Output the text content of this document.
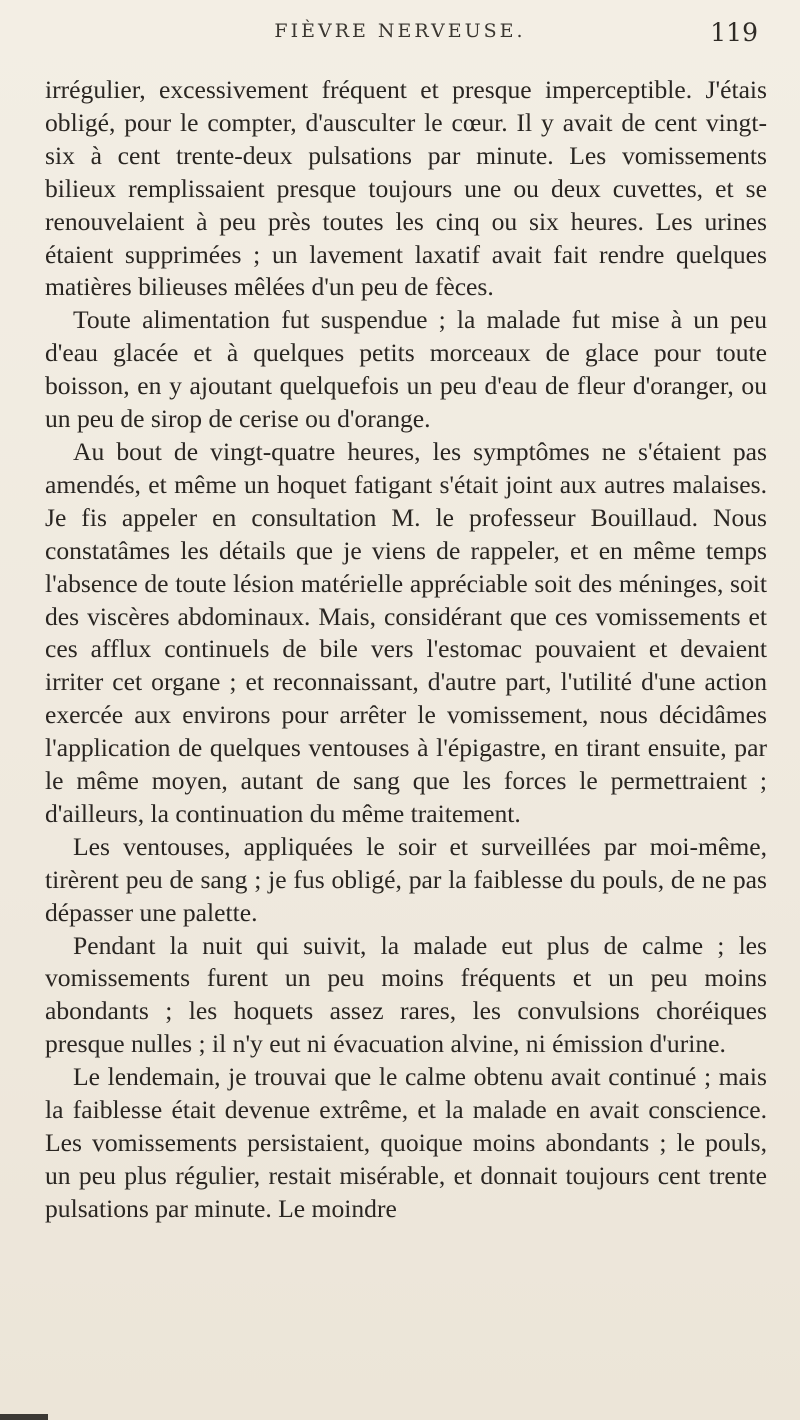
FIÈVRE NERVEUSE.	119

irrégulier, excessivement fréquent et presque imperceptible. J'étais obligé, pour le compter, d'ausculter le cœur. Il y avait de cent vingt-six à cent trente-deux pulsations par minute. Les vomissements bilieux remplissaient presque toujours une ou deux cuvettes, et se renouvelaient à peu près toutes les cinq ou six heures. Les urines étaient supprimées ; un lavement laxatif avait fait rendre quelques matières bilieuses mêlées d'un peu de fèces.

Toute alimentation fut suspendue ; la malade fut mise à un peu d'eau glacée et à quelques petits morceaux de glace pour toute boisson, en y ajoutant quelquefois un peu d'eau de fleur d'oranger, ou un peu de sirop de cerise ou d'orange.

Au bout de vingt-quatre heures, les symptômes ne s'étaient pas amendés, et même un hoquet fatigant s'était joint aux autres malaises. Je fis appeler en consultation M. le professeur Bouillaud. Nous constatâmes les détails que je viens de rappeler, et en même temps l'absence de toute lésion matérielle appréciable soit des méninges, soit des viscères abdominaux. Mais, considérant que ces vomissements et ces afflux continuels de bile vers l'estomac pouvaient et devaient irriter cet organe ; et reconnaissant, d'autre part, l'utilité d'une action exercée aux environs pour arrêter le vomissement, nous décidâmes l'application de quelques ventouses à l'épigastre, en tirant ensuite, par le même moyen, autant de sang que les forces le permettraient ; d'ailleurs, la continuation du même traitement.

Les ventouses, appliquées le soir et surveillées par moi-même, tirèrent peu de sang ; je fus obligé, par la faiblesse du pouls, de ne pas dépasser une palette.

Pendant la nuit qui suivit, la malade eut plus de calme ; les vomissements furent un peu moins fréquents et un peu moins abondants ; les hoquets assez rares, les convulsions choréiques presque nulles ; il n'y eut ni évacuation alvine, ni émission d'urine.

Le lendemain, je trouvai que le calme obtenu avait continué ; mais la faiblesse était devenue extrême, et la malade en avait conscience. Les vomissements persistaient, quoique moins abondants ; le pouls, un peu plus régulier, restait misérable, et donnait toujours cent trente pulsations par minute. Le moindre
